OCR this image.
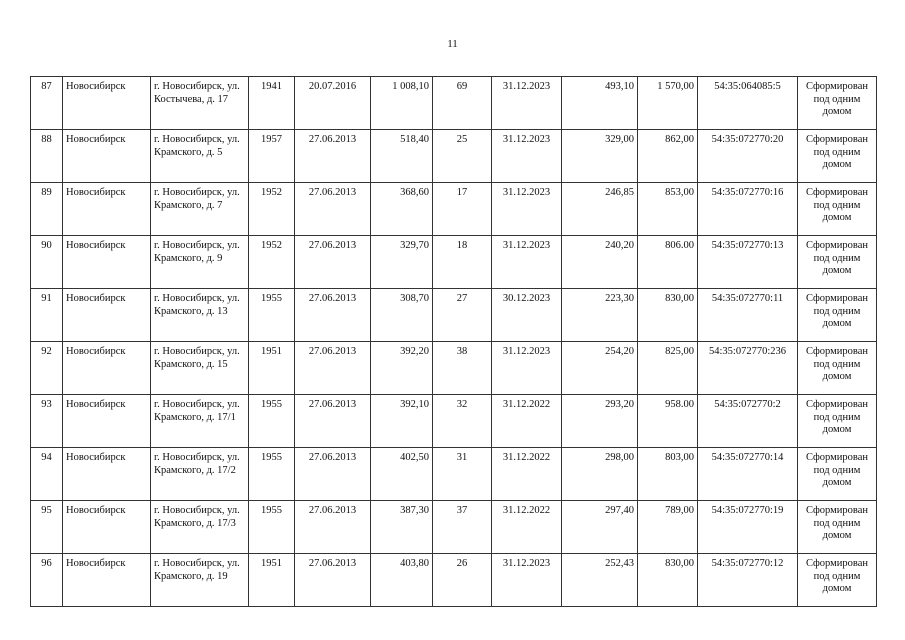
11
87	Новосибирск	г. Новосибирск, ул. Костычева, д. 17	1941	20.07.2016	1 008,10	69	31.12.2023	493,10	1 570,00	54:35:064085:5	Сформирован под одним домом
88	Новосибирск	г. Новосибирск, ул. Крамского, д. 5	1957	27.06.2013	518,40	25	31.12.2023	329,00	862,00	54:35:072770:20	Сформирован под одним домом
89	Новосибирск	г. Новосибирск, ул. Крамского, д. 7	1952	27.06.2013	368,60	17	31.12.2023	246,85	853,00	54:35:072770:16	Сформирован под одним домом
90	Новосибирск	г. Новосибирск, ул. Крамского, д. 9	1952	27.06.2013	329,70	18	31.12.2023	240,20	806.00	54:35:072770:13	Сформирован под одним домом
91	Новосибирск	г. Новосибирск, ул. Крамского, д. 13	1955	27.06.2013	308,70	27	30.12.2023	223,30	830,00	54:35:072770:11	Сформирован под одним домом
92	Новосибирск	г. Новосибирск, ул. Крамского, д. 15	1951	27.06.2013	392,20	38	31.12.2023	254,20	825,00	54:35:072770:236	Сформирован под одним домом
93	Новосибирск	г. Новосибирск, ул. Крамского, д. 17/1	1955	27.06.2013	392,10	32	31.12.2022	293,20	958.00	54:35:072770:2	Сформирован под одним домом
94	Новосибирск	г. Новосибирск, ул. Крамского, д. 17/2	1955	27.06.2013	402,50	31	31.12.2022	298,00	803,00	54:35:072770:14	Сформирован под одним домом
95	Новосибирск	г. Новосибирск, ул. Крамского, д. 17/3	1955	27.06.2013	387,30	37	31.12.2022	297,40	789,00	54:35:072770:19	Сформирован под одним домом
96	Новосибирск	г. Новосибирск, ул. Крамского, д. 19	1951	27.06.2013	403,80	26	31.12.2023	252,43	830,00	54:35:072770:12	Сформирован под одним домом
